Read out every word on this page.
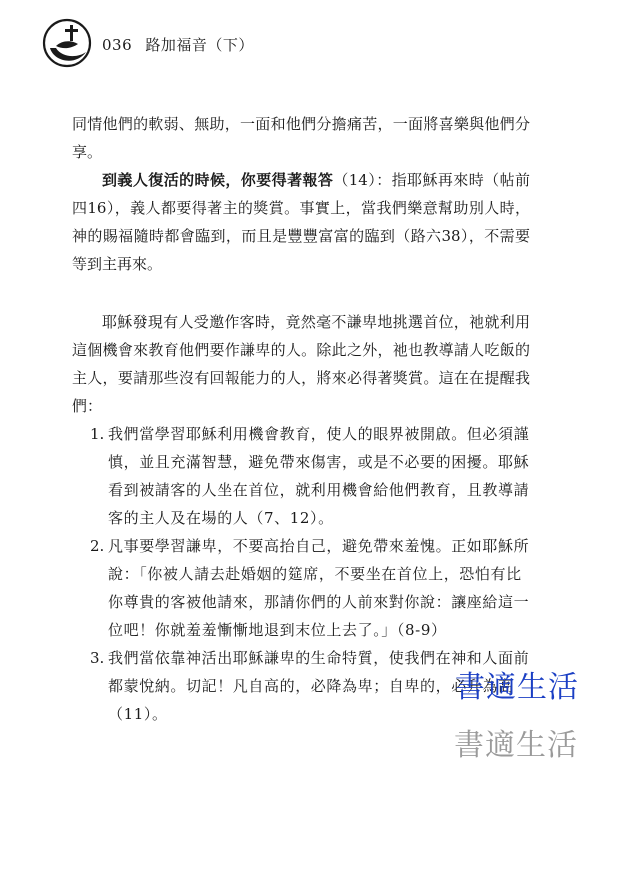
036 路加福音（下）

同情他們的軟弱、無助，一面和他們分擔痛苦，一面將喜樂與他們分享。

到義人復活的時候，你要得著報答（14）：指耶穌再來時（帖前四16），義人都要得著主的獎賞。事實上，當我們樂意幫助別人時，神的賜福隨時都會臨到，而且是豐豐富富的臨到（路六38），不需要等到主再來。

耶穌發現有人受邀作客時，竟然毫不謙卑地挑選首位，祂就利用這個機會來教育他們要作謙卑的人。除此之外，祂也教導請人吃飯的主人，要請那些沒有回報能力的人，將來必得著獎賞。這在在提醒我們：

1. 我們當學習耶穌利用機會教育，使人的眼界被開啟。但必須謹慎，並且充滿智慧，避免帶來傷害，或是不必要的困擾。耶穌看到被請客的人坐在首位，就利用機會給他們教育，且教導請客的主人及在場的人（7、12）。
2. 凡事要學習謙卑，不要高抬自己，避免帶來羞愧。正如耶穌所說：「你被人請去赴婚姻的筵席，不要坐在首位上，恐怕有比你尊貴的客被他請來，那請你們的人前來對你說：讓座給這一位吧！你就羞羞慚慚地退到末位上去了。」（8-9）
3. 我們當依靠神活出耶穌謙卑的生命特質，使我們在神和人面前都蒙悅納。切記！凡自高的，必降為卑；自卑的，必升為高（11）。
書適生活
書適生活
